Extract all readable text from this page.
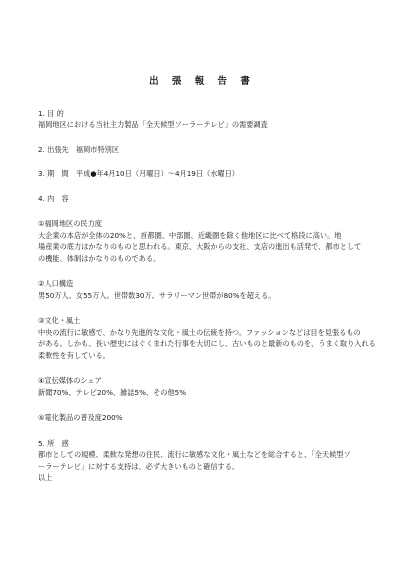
出 張 報 告 書
1. 目 的
福岡地区における当社主力製品「全天候型ソーラーテレビ」の需要調査
2. 出張先　福岡市特別区
3. 期　間　平成●年4月10日（月曜日）～4月19日（水曜日）
4. 内　容
①福岡地区の民力度
大企業の本店が全体の20%と、首都圏、中部圏、近畿圏を除く他地区に比べて格段に高い。地
場産業の底力はかなりのものと思われる。東京、大阪からの支社、支店の進出も活発で、都市として
の機能、体制はかなりのものである。
②人口構造
男50万人、女55万人。世帯数30万。サラリーマン世帯が80%を超える。
③文化・風土
中央の流行に敏感で、かなり先進的な文化・風土の伝統を持つ。ファッションなどは目を見張るもの
がある。しかも、長い歴史にはぐくまれた行事を大切にし、古いものと最新のものを、うまく取り入れる
柔軟性を有している。
④宣伝媒体のシェア
新聞70%、テレビ20%、雑誌5%、その他5%
⑤電化製品の普及度200%
5. 所　感
都市としての規模、柔軟な発想の住民、流行に敏感な文化・風土などを総合すると、「全天候型ソ
ーラーテレビ」に対する支持は、必ず大きいものと確信する。
以上
